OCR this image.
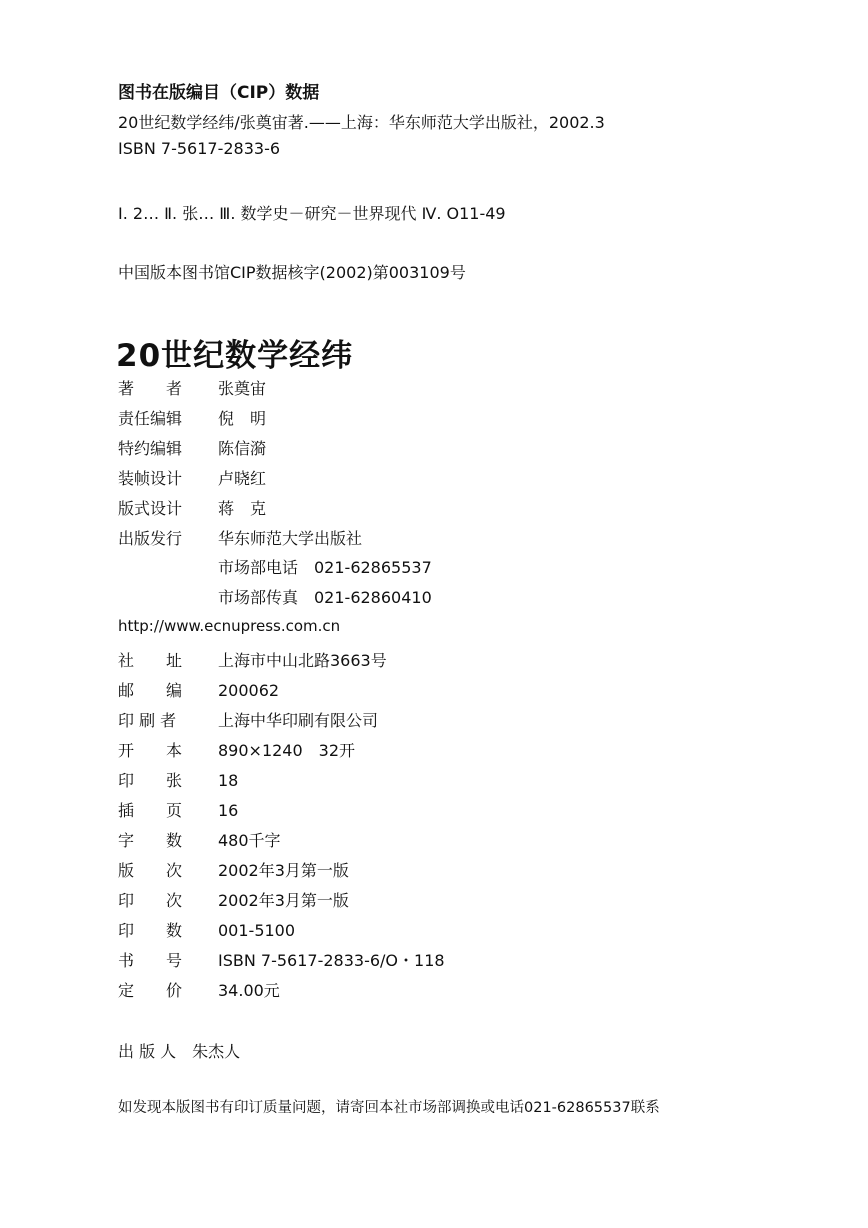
图书在版编目（CIP）数据
20世纪数学经纬/张奠宙著.——上海：华东师范大学出版社，2002.3
ISBN 7-5617-2833-6
Ⅰ. 2… Ⅱ. 张… Ⅲ. 数学史－研究－世界现代 Ⅳ. O11-49
中国版本图书馆CIP数据核字(2002)第003109号
20世纪数学经纬
著　　者 张奠宙
责任编辑 倪　明
特约编辑 陈信漪
装帧设计 卢晓红
版式设计 蒋　克
出版发行 华东师范大学出版社
市场部电话　021-62865537
市场部传真　021-62860410
http://www.ecnupress.com.cn
社　　址 上海市中山北路3663号
邮　　编 200062
印 刷 者	上海中华印刷有限公司
开　　本 890×1240　32开
印　　张 18
插　　页 16
字　　数 480千字
版　　次 2002年3月第一版
印　　次 2002年3月第一版
印　　数 001-5100
书　　号 ISBN 7-5617-2833-6/O・118
定　　价 34.00元
出 版 人　朱杰人
如发现本版图书有印订质量问题，请寄回本社市场部调换或电话021-62865537联系
